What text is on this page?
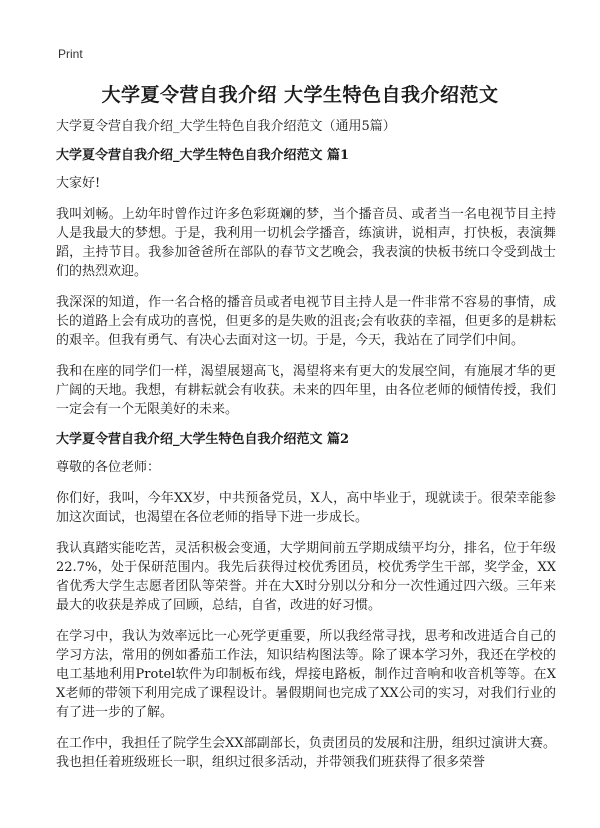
Print
大学夏令营自我介绍 大学生特色自我介绍范文

大学夏令营自我介绍_大学生特色自我介绍范文（通用5篇）

大学夏令营自我介绍_大学生特色自我介绍范文 篇1

大家好!

我叫刘畅。上幼年时曾作过许多色彩斑斓的梦，当个播音员、或者当一名电视节目主持人是我最大的梦想。于是，我利用一切机会学播音，练演讲，说相声，打快板，表演舞蹈，主持节目。我参加爸爸所在部队的春节文艺晚会，我表演的快板书统口令受到战士们的热烈欢迎。

我深深的知道，作一名合格的播音员或者电视节目主持人是一件非常不容易的事情，成长的道路上会有成功的喜悦，但更多的是失败的沮丧;会有收获的幸福，但更多的是耕耘的艰辛。但我有勇气、有决心去面对这一切。于是，今天，我站在了同学们中间。

我和在座的同学们一样，渴望展翅高飞，渴望将来有更大的发展空间，有施展才华的更广阔的天地。我想，有耕耘就会有收获。未来的四年里，由各位老师的倾情传授，我们一定会有一个无限美好的未来。

大学夏令营自我介绍_大学生特色自我介绍范文 篇2

尊敬的各位老师：

你们好，我叫，今年XX岁，中共预备党员，X人，高中毕业于，现就读于。很荣幸能参加这次面试，也渴望在各位老师的指导下进一步成长。

我认真踏实能吃苦，灵活积极会变通，大学期间前五学期成绩平均分，排名，位于年级22.7%，处于保研范围内。我先后获得过校优秀团员，校优秀学生干部，奖学金，XX省优秀大学生志愿者团队等荣誉。并在大X时分别以分和分一次性通过四六级。三年来最大的收获是养成了回顾，总结，自省，改进的好习惯。

在学习中，我认为效率远比一心死学更重要，所以我经常寻找，思考和改进适合自己的学习方法，常用的例如番茄工作法，知识结构图法等。除了课本学习外，我还在学校的电工基地利用Protel软件为印制板布线，焊接电路板，制作过音响和收音机等等。在XX老师的带领下利用完成了课程设计。暑假期间也完成了XX公司的实习，对我们行业的有了进一步的了解。

在工作中，我担任了院学生会XX部副部长，负责团员的发展和注册，组织过演讲大赛。我也担任着班级班长一职，组织过很多活动，并带领我们班获得了很多荣誉
